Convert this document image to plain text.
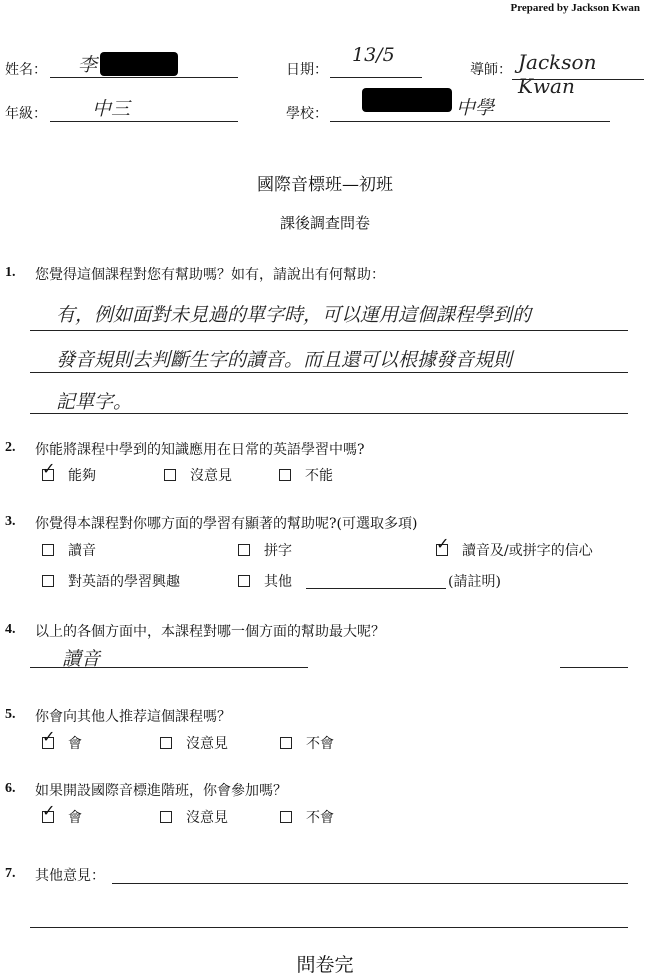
Prepared by Jackson Kwan
姓名： 李	日期：
13/5
導師： Jackson Kwan
年級： 中三	學校：	中學
國際音標班—初班
課後調查問卷
1. 您覺得這個課程對您有幫助嗎？如有，請說出有何幫助：
有，例如面對未見過的單字時，可以運用這個課程學到的
發音規則去判斷生字的讀音。而且還可以根據發音規則
記單字。
2. 你能將課程中學到的知識應用在日常的英語學習中嗎?
✓ 能夠	沒意見	不能
3. 你覺得本課程對你哪方面的學習有顯著的幫助呢?(可選取多項)
讀音	拼字	✓ 讀音及/或拼字的信心
對英語的學習興趣	其他	(請註明)
4. 以上的各個方面中，本課程對哪一個方面的幫助最大呢？
讀音
5. 你會向其他人推荐這個課程嗎？
✓ 會	沒意見	不會
6. 如果開設國際音標進階班，你會參加嗎？
✓ 會	沒意見	不會
7. 其他意見：
問卷完
